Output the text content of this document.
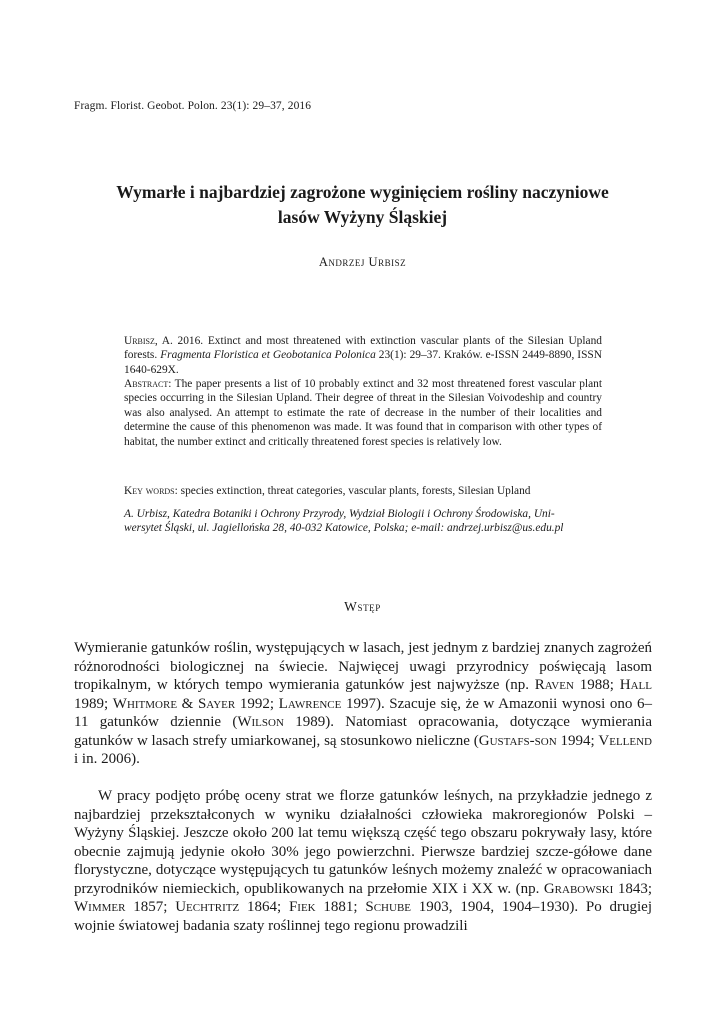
Fragm. Florist. Geobot. Polon. 23(1): 29–37, 2016
Wymarłe i najbardziej zagrożone wyginięciem rośliny naczyniowe
lasów Wyżyny Śląskiej
Andrzej Urbisz
Urbisz, A. 2016. Extinct and most threatened with extinction vascular plants of the Silesian Upland forests. Fragmenta Floristica et Geobotanica Polonica 23(1): 29–37. Kraków. e-ISSN 2449-8890, ISSN 1640-629X.
Abstract: The paper presents a list of 10 probably extinct and 32 most threatened forest vascular plant species occurring in the Silesian Upland. Their degree of threat in the Silesian Voivodeship and country was also analysed. An attempt to estimate the rate of decrease in the number of their localities and determine the cause of this phenomenon was made. It was found that in comparison with other types of habitat, the number extinct and critically threatened forest species is relatively low.
Key words: species extinction, threat categories, vascular plants, forests, Silesian Upland
A. Urbisz, Katedra Botaniki i Ochrony Przyrody, Wydział Biologii i Ochrony Środowiska, Uni-
wersytet Śląski, ul. Jagiellońska 28, 40-032 Katowice, Polska; e-mail: andrzej.urbisz@us.edu.pl
Wstęp
Wymieranie gatunków roślin, występujących w lasach, jest jednym z bardziej znanych zagrożeń różnorodności biologicznej na świecie. Najwięcej uwagi przyrodnicy poświęcają lasom tropikalnym, w których tempo wymierania gatunków jest najwyższe (np. Raven 1988; Hall 1989; Whitmore & Sayer 1992; Lawrence 1997). Szacuje się, że w Amazonii wynosi ono 6–11 gatunków dziennie (Wilson 1989). Natomiast opracowania, dotyczące wymierania gatunków w lasach strefy umiarkowanej, są stosunkowo nieliczne (Gustafs-son 1994; Vellend i in. 2006).
W pracy podjęto próbę oceny strat we florze gatunków leśnych, na przykładzie jednego z najbardziej przekształconych w wyniku działalności człowieka makroregionów Polski – Wyżyny Śląskiej. Jeszcze około 200 lat temu większą część tego obszaru pokrywały lasy, które obecnie zajmują jedynie około 30% jego powierzchni. Pierwsze bardziej szcze-gółowe dane florystyczne, dotyczące występujących tu gatunków leśnych możemy znaleźć w opracowaniach przyrodników niemieckich, opublikowanych na przełomie XIX i XX w. (np. Grabowski 1843; Wimmer 1857; Uechtritz 1864; Fiek 1881; Schube 1903, 1904, 1904–1930). Po drugiej wojnie światowej badania szaty roślinnej tego regionu prowadzili
